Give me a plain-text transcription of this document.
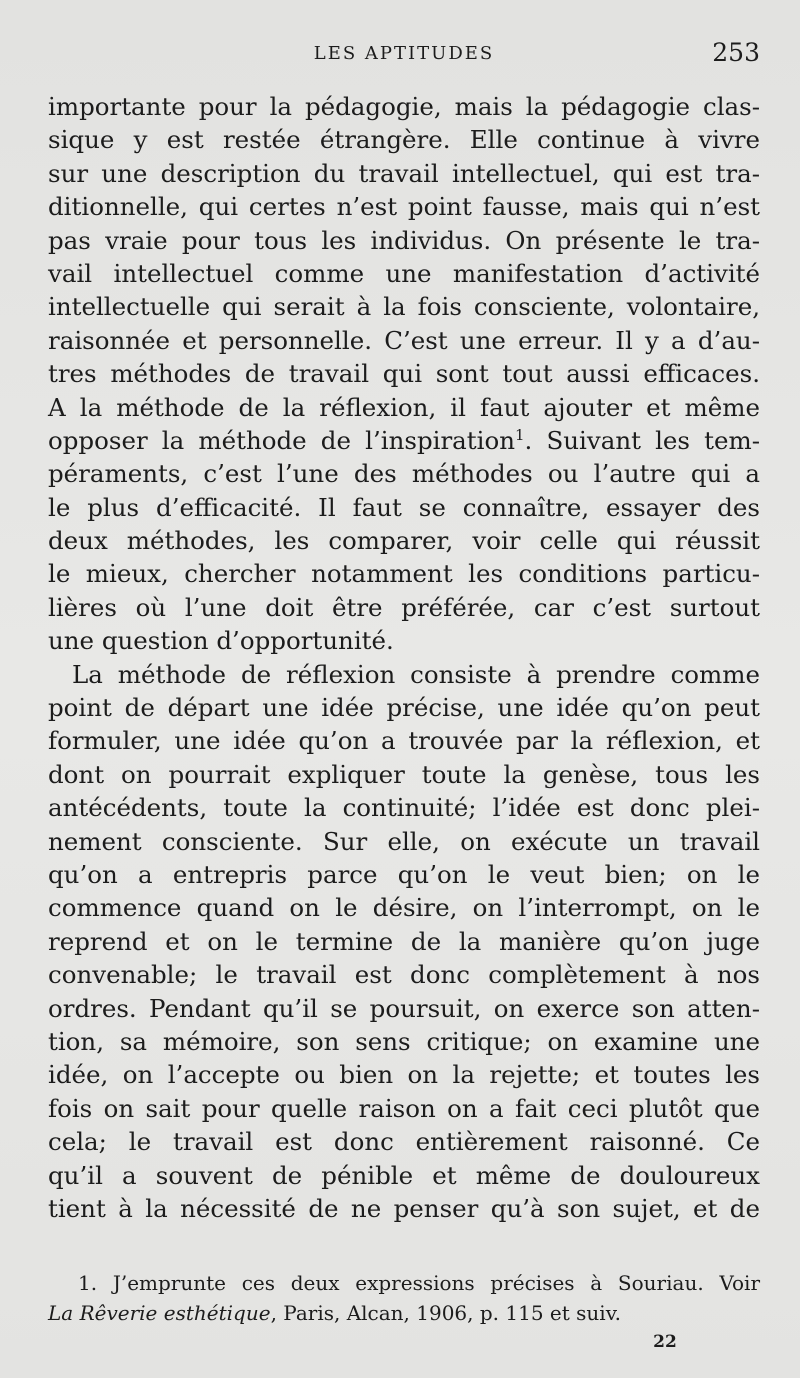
LES APTITUDES	253
importante pour la pédagogie, mais la pédagogie clas-
sique y est restée étrangère. Elle continue à vivre
sur une description du travail intellectuel, qui est tra-
ditionnelle, qui certes n’est point fausse, mais qui n’est
pas vraie pour tous les individus. On présente le tra-
vail intellectuel comme une manifestation d’activité
intellectuelle qui serait à la fois consciente, volontaire,
raisonnée et personnelle. C’est une erreur. Il y a d’au-
tres méthodes de travail qui sont tout aussi efficaces.
A la méthode de la réflexion, il faut ajouter et même
opposer la méthode de l’inspiration$^1$. Suivant les tem-
péraments, c’est l’une des méthodes ou l’autre qui a
le plus d’efficacité. Il faut se connaître, essayer des
deux méthodes, les comparer, voir celle qui réussit
le mieux, chercher notamment les conditions particu-
lières où l’une doit être préférée, car c’est surtout
une question d’opportunité.
La méthode de réflexion consiste à prendre comme
point de départ une idée précise, une idée qu’on peut
formuler, une idée qu’on a trouvée par la réflexion, et
dont on pourrait expliquer toute la genèse, tous les
antécédents, toute la continuité; l’idée est donc plei-
nement consciente. Sur elle, on exécute un travail
qu’on a entrepris parce qu’on le veut bien; on le
commence quand on le désire, on l’interrompt, on le
reprend et on le termine de la manière qu’on juge
convenable; le travail est donc complètement à nos
ordres. Pendant qu’il se poursuit, on exerce son atten-
tion, sa mémoire, son sens critique; on examine une
idée, on l’accepte ou bien on la rejette; et toutes les
fois on sait pour quelle raison on a fait ceci plutôt que
cela; le travail est donc entièrement raisonné. Ce
qu’il a souvent de pénible et même de douloureux
tient à la nécessité de ne penser qu’à son sujet, et de
1. J’emprunte ces deux expressions précises à Souriau. Voir
La Rêverie esthétique, Paris, Alcan, 1906, p. 115 et suiv.
22
